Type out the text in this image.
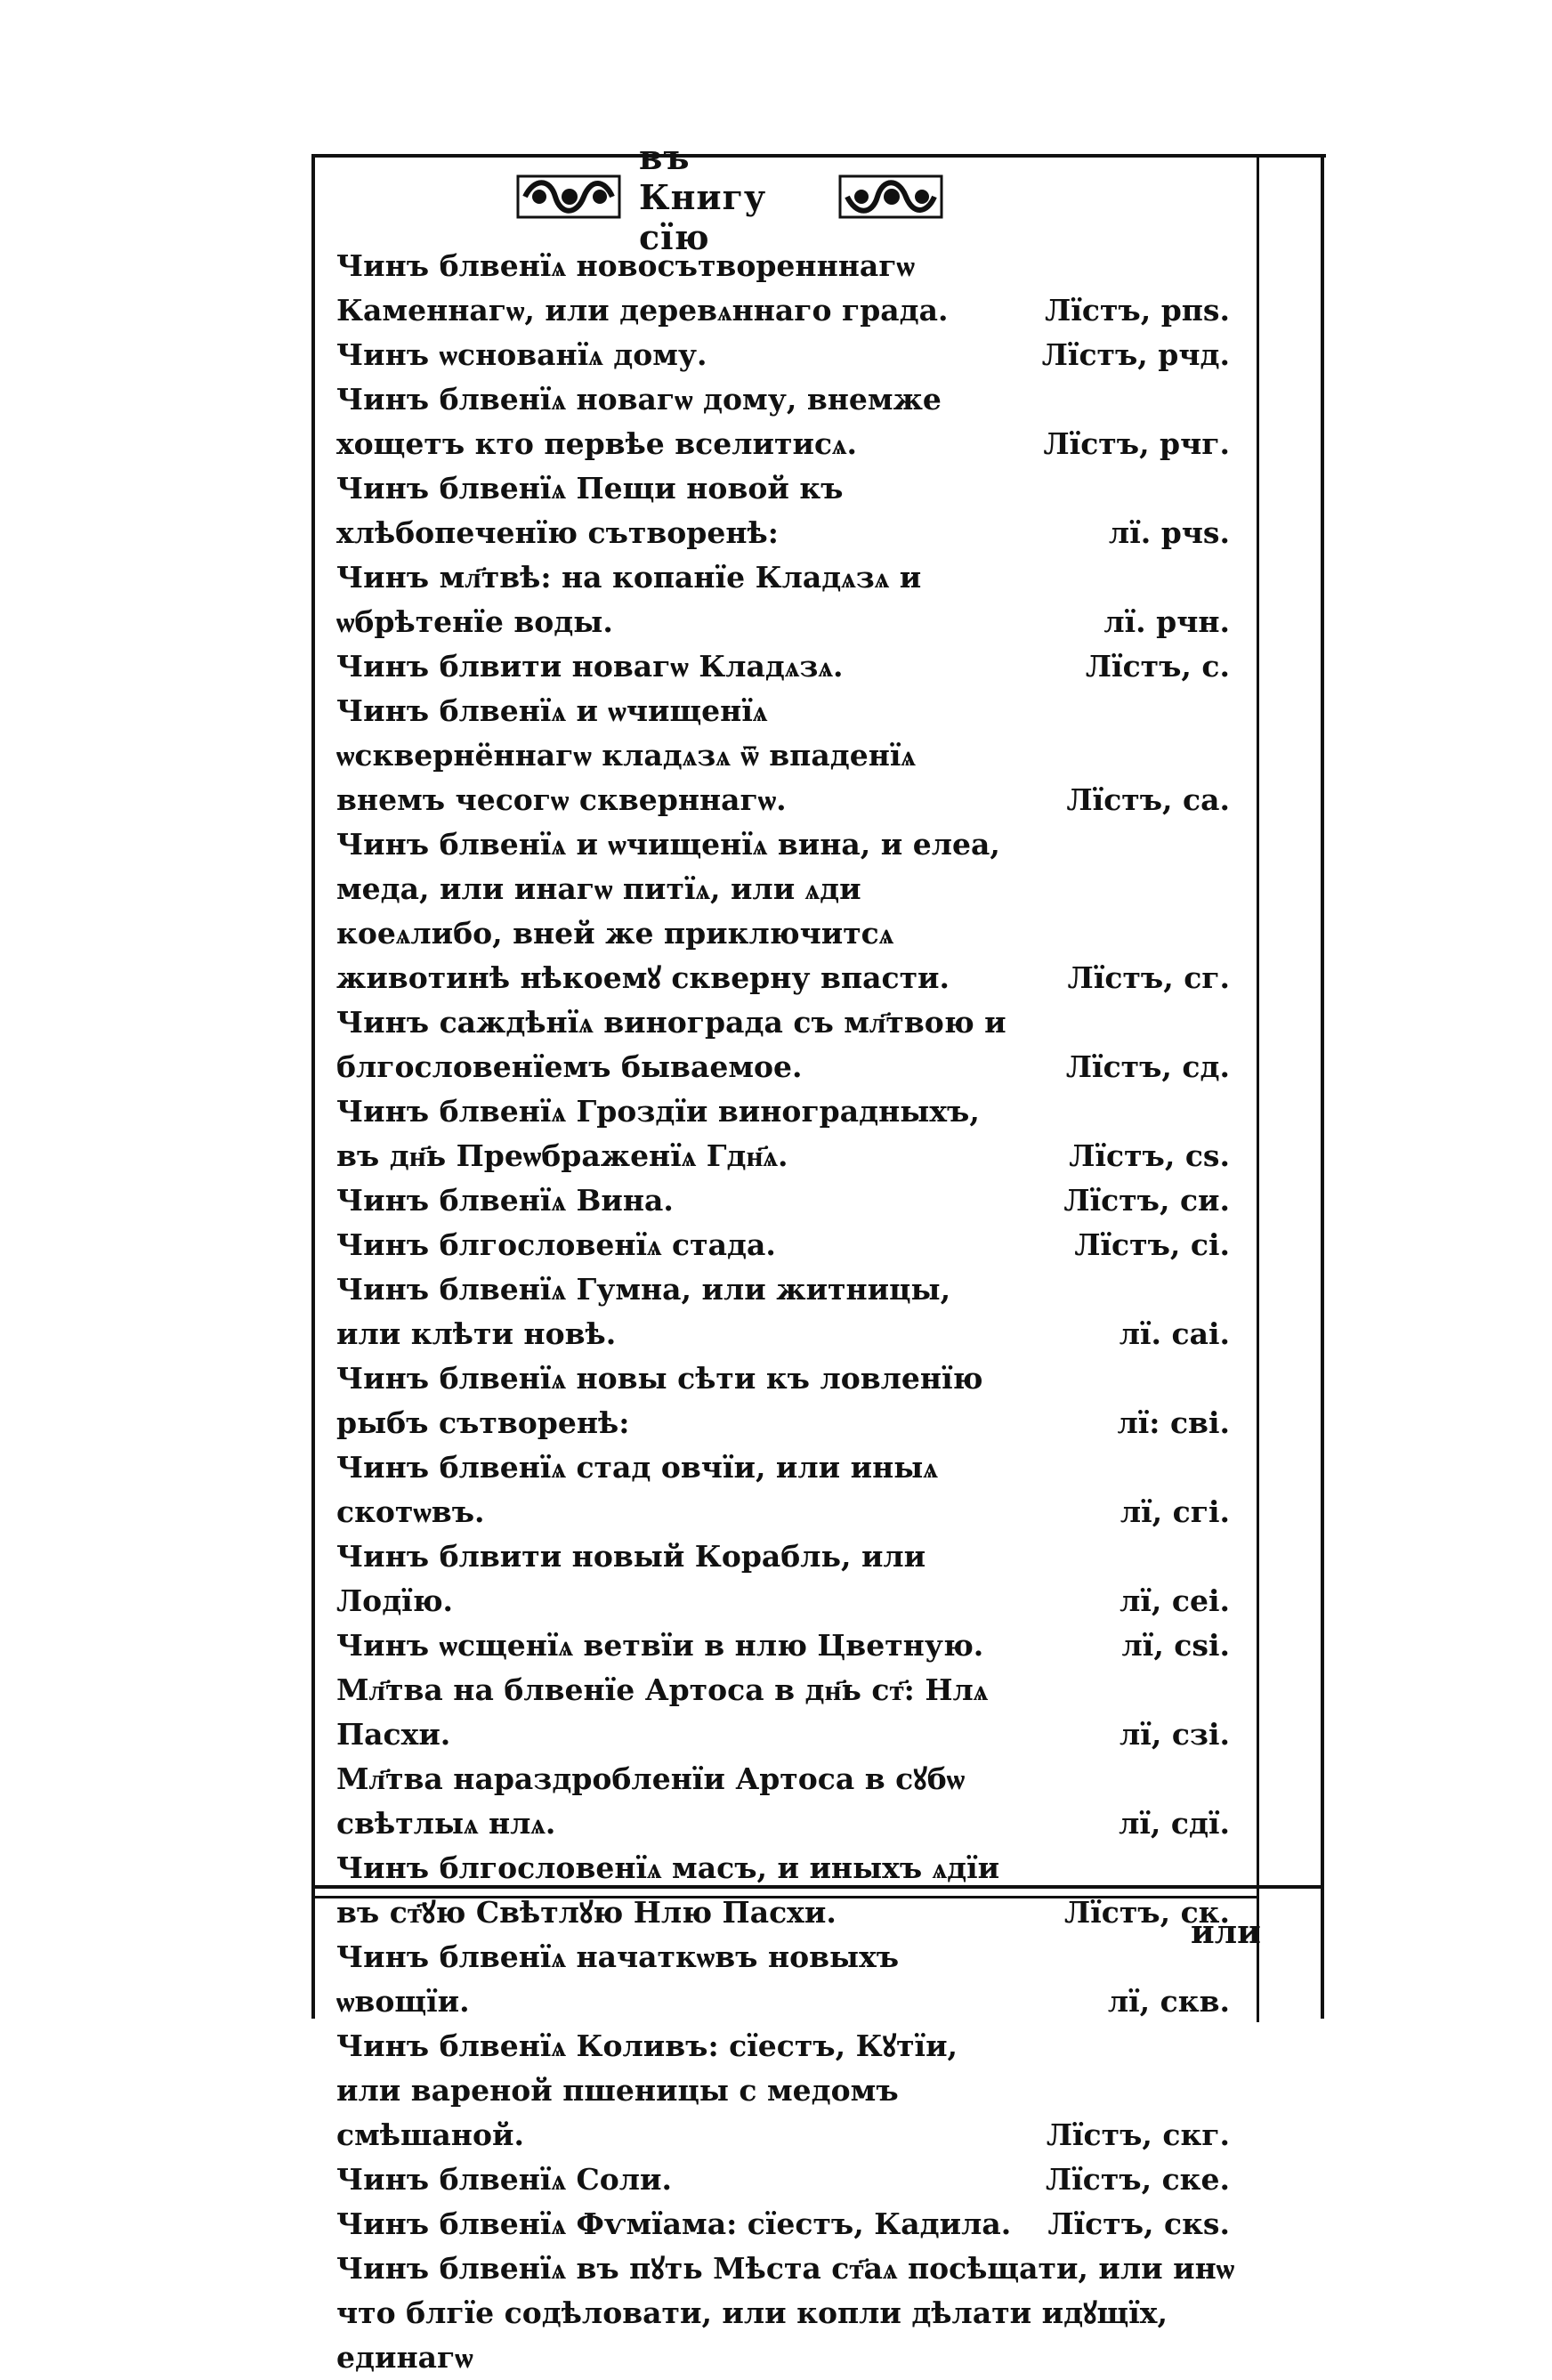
въ Книгу сїю
Чинъ блвенїѧ новосътворенннагѡ Каменнагѡ, или деревѧннаго града.	Лїстъ, рпѕ.
Чинъ ѡснованїѧ дому.	Лїстъ, рчд.
Чинъ блвенїѧ новагѡ дому, внемже хощетъ кто первѣе вселитисѧ.	Лїстъ, рчг.
Чинъ блвенїѧ Пещи новой къ хлѣбопеченїю сътворенѣ:	лї. рчѕ.
Чинъ мл҃твѣ: на копанїе Кладѧзѧ и ѡбрѣтенїе воды.	лї. рчн.
Чинъ блвити новагѡ Кладѧзѧ.	Лїстъ, с.
Чинъ блвенїѧ и ѡчищенїѧ ѡсквернённагѡ кладѧзѧ ѿ впаденїѧ внемъ чесогѡ скверннагѡ.	Лїстъ, са.
Чинъ блвенїѧ и ѡчищенїѧ вина, и елеа, меда, или инагѡ питїѧ, или ѧди коеѧлибо, вней же приключитсѧ животинѣ нѣкоемꙋ скверну впасти.	Лїстъ, сг.
Чинъ саждѣнїѧ винограда съ мл҃твою и блгословенїемъ бываемое.	Лїстъ, сд.
Чинъ блвенїѧ Гроздїи виноградныхъ, въ дн҃ь Преѡбраженїѧ Гдн҃ѧ.	Лїстъ, сѕ.
Чинъ блвенїѧ Вина.	Лїстъ, си.
Чинъ блгословенїѧ стада.	Лїстъ, сі.
Чинъ блвенїѧ Гумна, или житницы, или клѣти новѣ.	лї. саі.
Чинъ блвенїѧ новы сѣти къ ловленїю рыбъ сътворенѣ:	лї: сві.
Чинъ блвенїѧ стад овчїи, или иныѧ скотѡвъ.	лї, сгі.
Чинъ блвити новый Корабль, или Лодїю.	лї, сеі.
Чинъ ѡсщенїѧ ветвїи в нлю Цветную.	лї, сѕі.
Мл҃тва на блвенїе Артоса в дн҃ь ст҃: Нлѧ Пасхи.	лї, сзі.
Мл҃тва нараздробленїи Артоса в сꙋбѡ свѣтлыѧ нлѧ.	лї, сдї.
Чинъ блгословенїѧ масъ, и иныхъ ѧдїи въ ст҃ꙋю Свѣтлꙋю Нлю Пасхи.	Лїстъ, ск.
Чинъ блвенїѧ начаткѡвъ новыхъ ѡвощїи.	лї, скв.
Чинъ блвенїѧ Коливъ: сїестъ, Кꙋтїи, или вареной пшеницы с медомъ смѣшаной.	Лїстъ, скг.
Чинъ блвенїѧ Соли.	Лїстъ, ске.
Чинъ блвенїѧ Фѵмїама: сїестъ, Кадила.	Лїстъ, скѕ.
Чинъ блвенїѧ въ пꙋть Мѣста ст҃аѧ посѣщати, или инѡ что блгїе содѣловати, или копли дѣлати идꙋщїх, единагѡ
или
